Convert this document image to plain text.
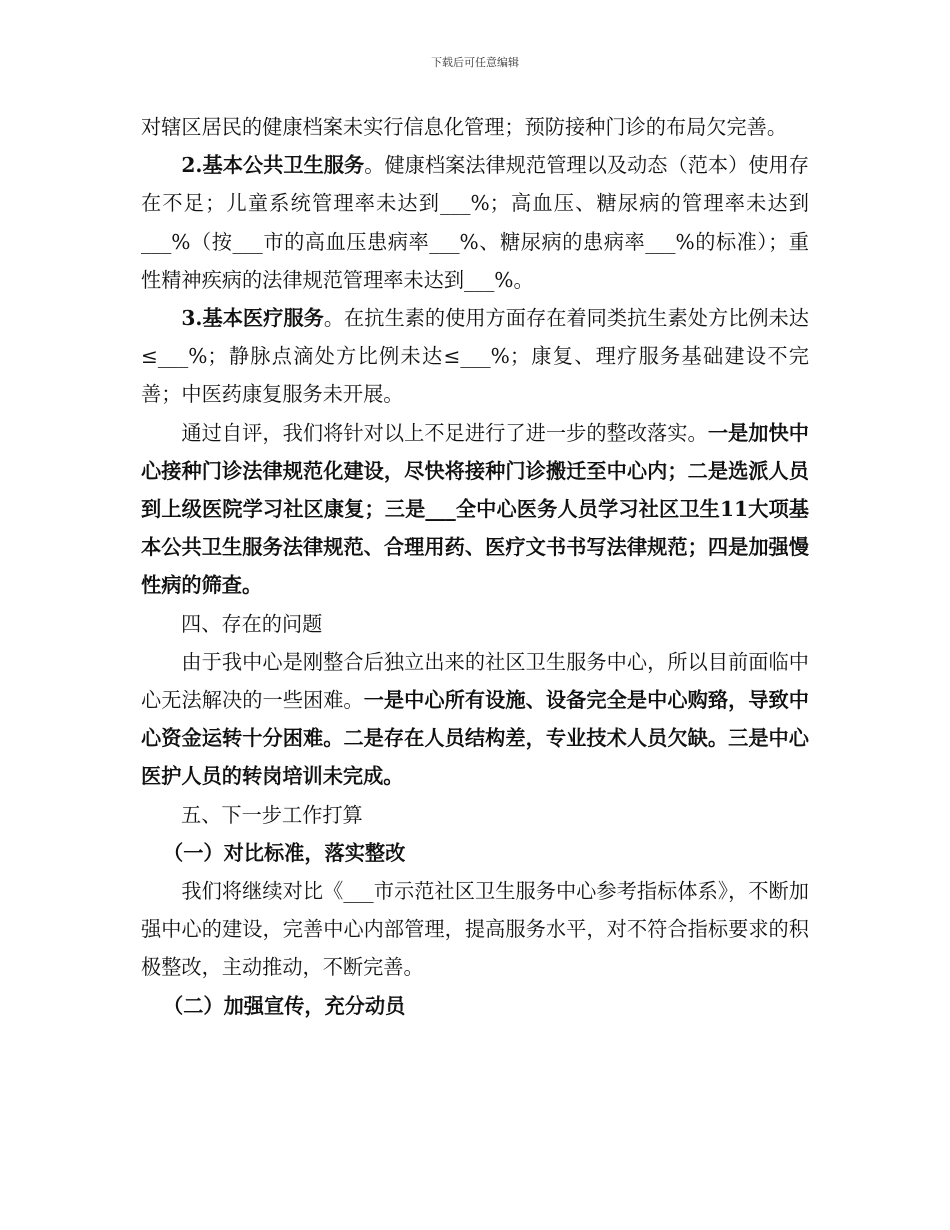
下载后可任意编辑

对辖区居民的健康档案未实行信息化管理；预防接种门诊的布局欠完善。

2.基本公共卫生服务。健康档案法律规范管理以及动态（范本）使用存在不足；儿童系统管理率未达到___%；高血压、糖尿病的管理率未达到___%（按___市的高血压患病率___%、糖尿病的患病率___%的标准）；重性精神疾病的法律规范管理率未达到___%。

3.基本医疗服务。在抗生素的使用方面存在着同类抗生素处方比例未达≤___%；静脉点滴处方比例未达≤___%；康复、理疗服务基础建设不完善；中医药康复服务未开展。

通过自评，我们将针对以上不足进行了进一步的整改落实。一是加快中心接种门诊法律规范化建设，尽快将接种门诊搬迁至中心内；二是选派人员到上级医院学习社区康复；三是___全中心医务人员学习社区卫生11大项基本公共卫生服务法律规范、合理用药、医疗文书书写法律规范；四是加强慢性病的筛查。

四、存在的问题

由于我中心是刚整合后独立出来的社区卫生服务中心，所以目前面临中心无法解决的一些困难。一是中心所有设施、设备完全是中心购臵，导致中心资金运转十分困难。二是存在人员结构差，专业技术人员欠缺。三是中心医护人员的转岗培训未完成。

五、下一步工作打算

（一）对比标准，落实整改

我们将继续对比《___市示范社区卫生服务中心参考指标体系》，不断加强中心的建设，完善中心内部管理，提高服务水平，对不符合指标要求的积极整改，主动推动，不断完善。

（二）加强宣传，充分动员
